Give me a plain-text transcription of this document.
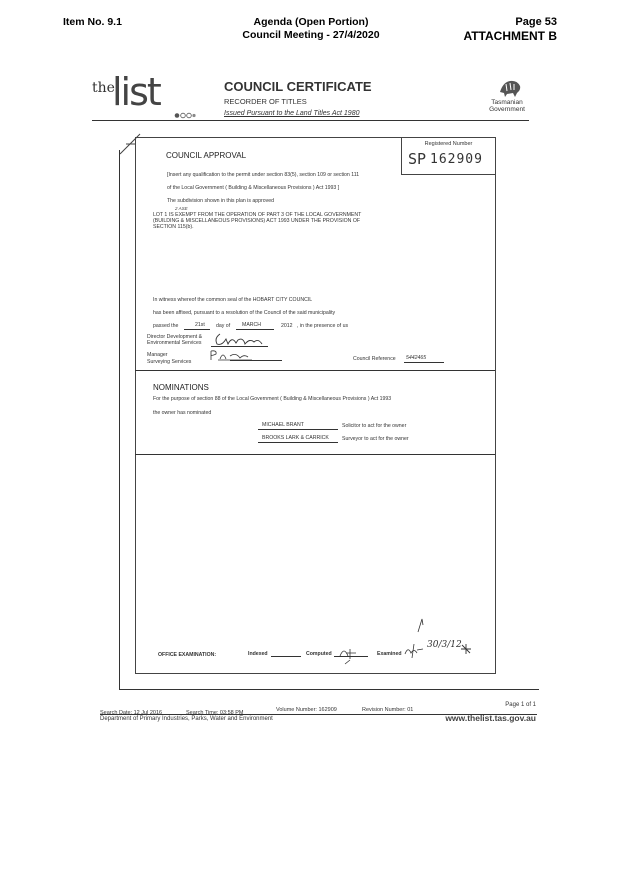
Item No. 9.1	Agenda (Open Portion)
Council Meeting - 27/4/2020
Page 53
ATTACHMENT B
the
list	COUNCIL CERTIFICATE
RECORDER OF TITLES
Issued Pursuant to the Land Titles Act 1980
Tasmanian
Government
Registered Number
SP 162909
COUNCIL APPROVAL
[Insert any qualification to the permit under section 83(5), section 109 or section 111
of the Local Government ( Building & Miscellaneous Provisions ) Act 1993 ]
The subdivision shown in this plan is approved
2 ASE
LOT 1 IS EXEMPT FROM THE OPERATION OF PART 3 OF THE LOCAL GOVERNMENT
(BUILDING & MISCELLANEOUS PROVISIONS) ACT 1993 UNDER THE PROVISION OF
SECTION 115(b).
In witness whereof the common seal of the HOBART CITY COUNCIL
has been affixed, pursuant to a resolution of the Council of the said municipality
passed the	21st day of MARCH	2012 , in the presence of us
Director Development &
Environmental Services
Manager
Surveying Services	Council Reference 5442465
NOMINATIONS
For the purpose of section 88 of the Local Government ( Building & Miscellaneous Provisions ) Act 1993
the owner has nominated
MICHAEL BRANT	Solicitor to act for the owner
BROOKS LARK & CARRICK	Surveyor to act for the owner
OFFICE EXAMINATION:	Indexed	Computed	Examined
30/3/12
Search Date: 12 Jul 2016	Search Time: 03:58 PM	Volume Number: 162909	Revision Number: 01
Page 1 of 1
Department of Primary Industries, Parks, Water and Environment	www.thelist.tas.gov.au
